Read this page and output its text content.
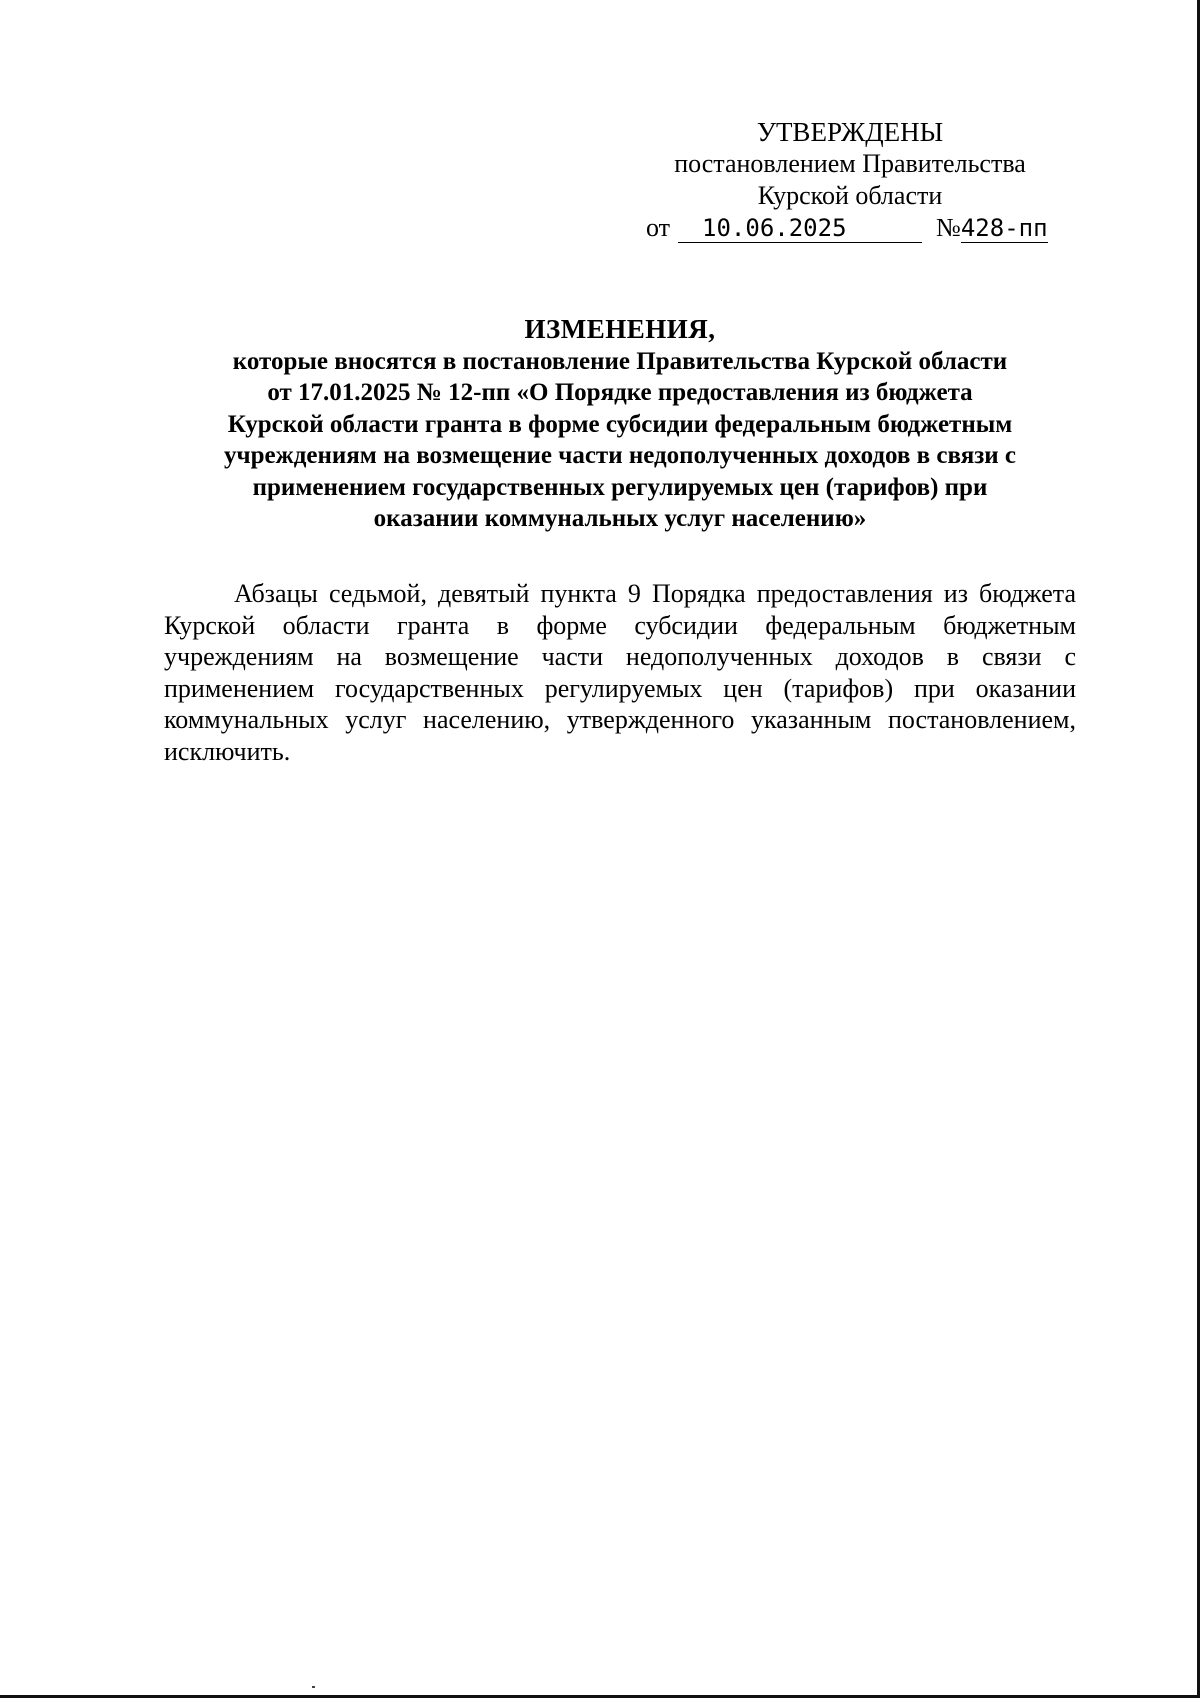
УТВЕРЖДЕНЫ
постановлением Правительства
Курской области
от 10.06.2025	№428-пп
ИЗМЕНЕНИЯ,
которые вносятся в постановление Правительства Курской области
от 17.01.2025 № 12-пп «О Порядке предоставления из бюджета
Курской области гранта в форме субсидии федеральным бюджетным
учреждениям на возмещение части недополученных доходов в связи с
применением государственных регулируемых цен (тарифов) при
оказании коммунальных услуг населению»

Абзацы седьмой, девятый пункта 9 Порядка предоставления из бюджета Курской области гранта в форме субсидии федеральным бюджетным учреждениям на возмещение части недополученных доходов в связи с применением государственных регулируемых цен (тарифов) при оказании коммунальных услуг населению, утвержденного указанным постановлением, исключить.
